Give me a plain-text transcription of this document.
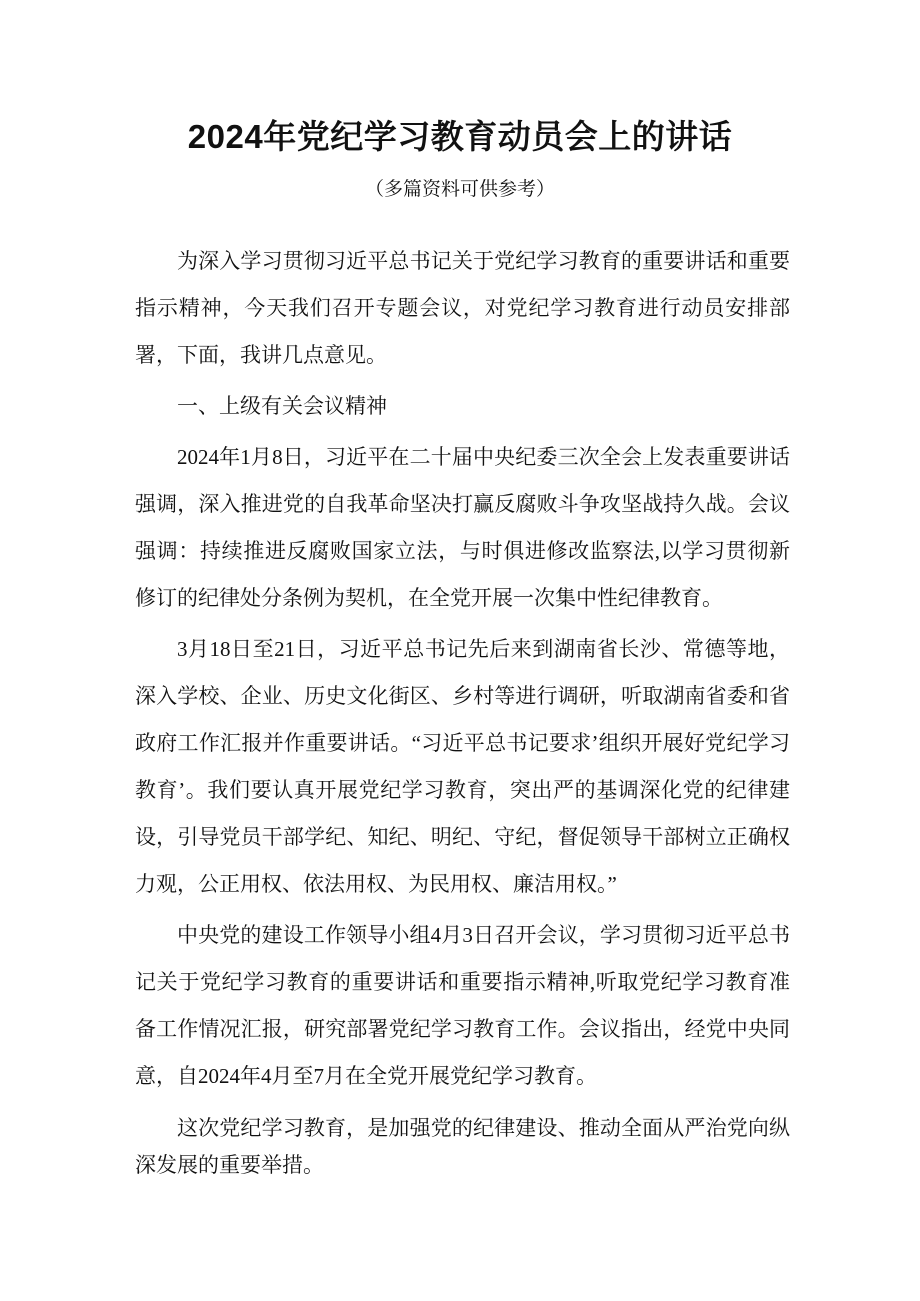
2024年党纪学习教育动员会上的讲话
（多篇资料可供参考）

为深入学习贯彻习近平总书记关于党纪学习教育的重要讲话和重要指示精神，今天我们召开专题会议，对党纪学习教育进行动员安排部署，下面，我讲几点意见。

一、上级有关会议精神

2024年1月8日，习近平在二十届中央纪委三次全会上发表重要讲话强调，深入推进党的自我革命坚决打赢反腐败斗争攻坚战持久战。会议强调：持续推进反腐败国家立法，与时俱进修改监察法,以学习贯彻新修订的纪律处分条例为契机，在全党开展一次集中性纪律教育。

3月18日至21日，习近平总书记先后来到湖南省长沙、常德等地，深入学校、企业、历史文化街区、乡村等进行调研，听取湖南省委和省政府工作汇报并作重要讲话。“习近平总书记要求’组织开展好党纪学习教育’。我们要认真开展党纪学习教育，突出严的基调深化党的纪律建设，引导党员干部学纪、知纪、明纪、守纪，督促领导干部树立正确权力观，公正用权、依法用权、为民用权、廉洁用权。”

中央党的建设工作领导小组4月3日召开会议，学习贯彻习近平总书记关于党纪学习教育的重要讲话和重要指示精神,听取党纪学习教育准备工作情况汇报，研究部署党纪学习教育工作。会议指出，经党中央同意，自2024年4月至7月在全党开展党纪学习教育。

这次党纪学习教育，是加强党的纪律建设、推动全面从严治党向纵深发展的重要举措。
